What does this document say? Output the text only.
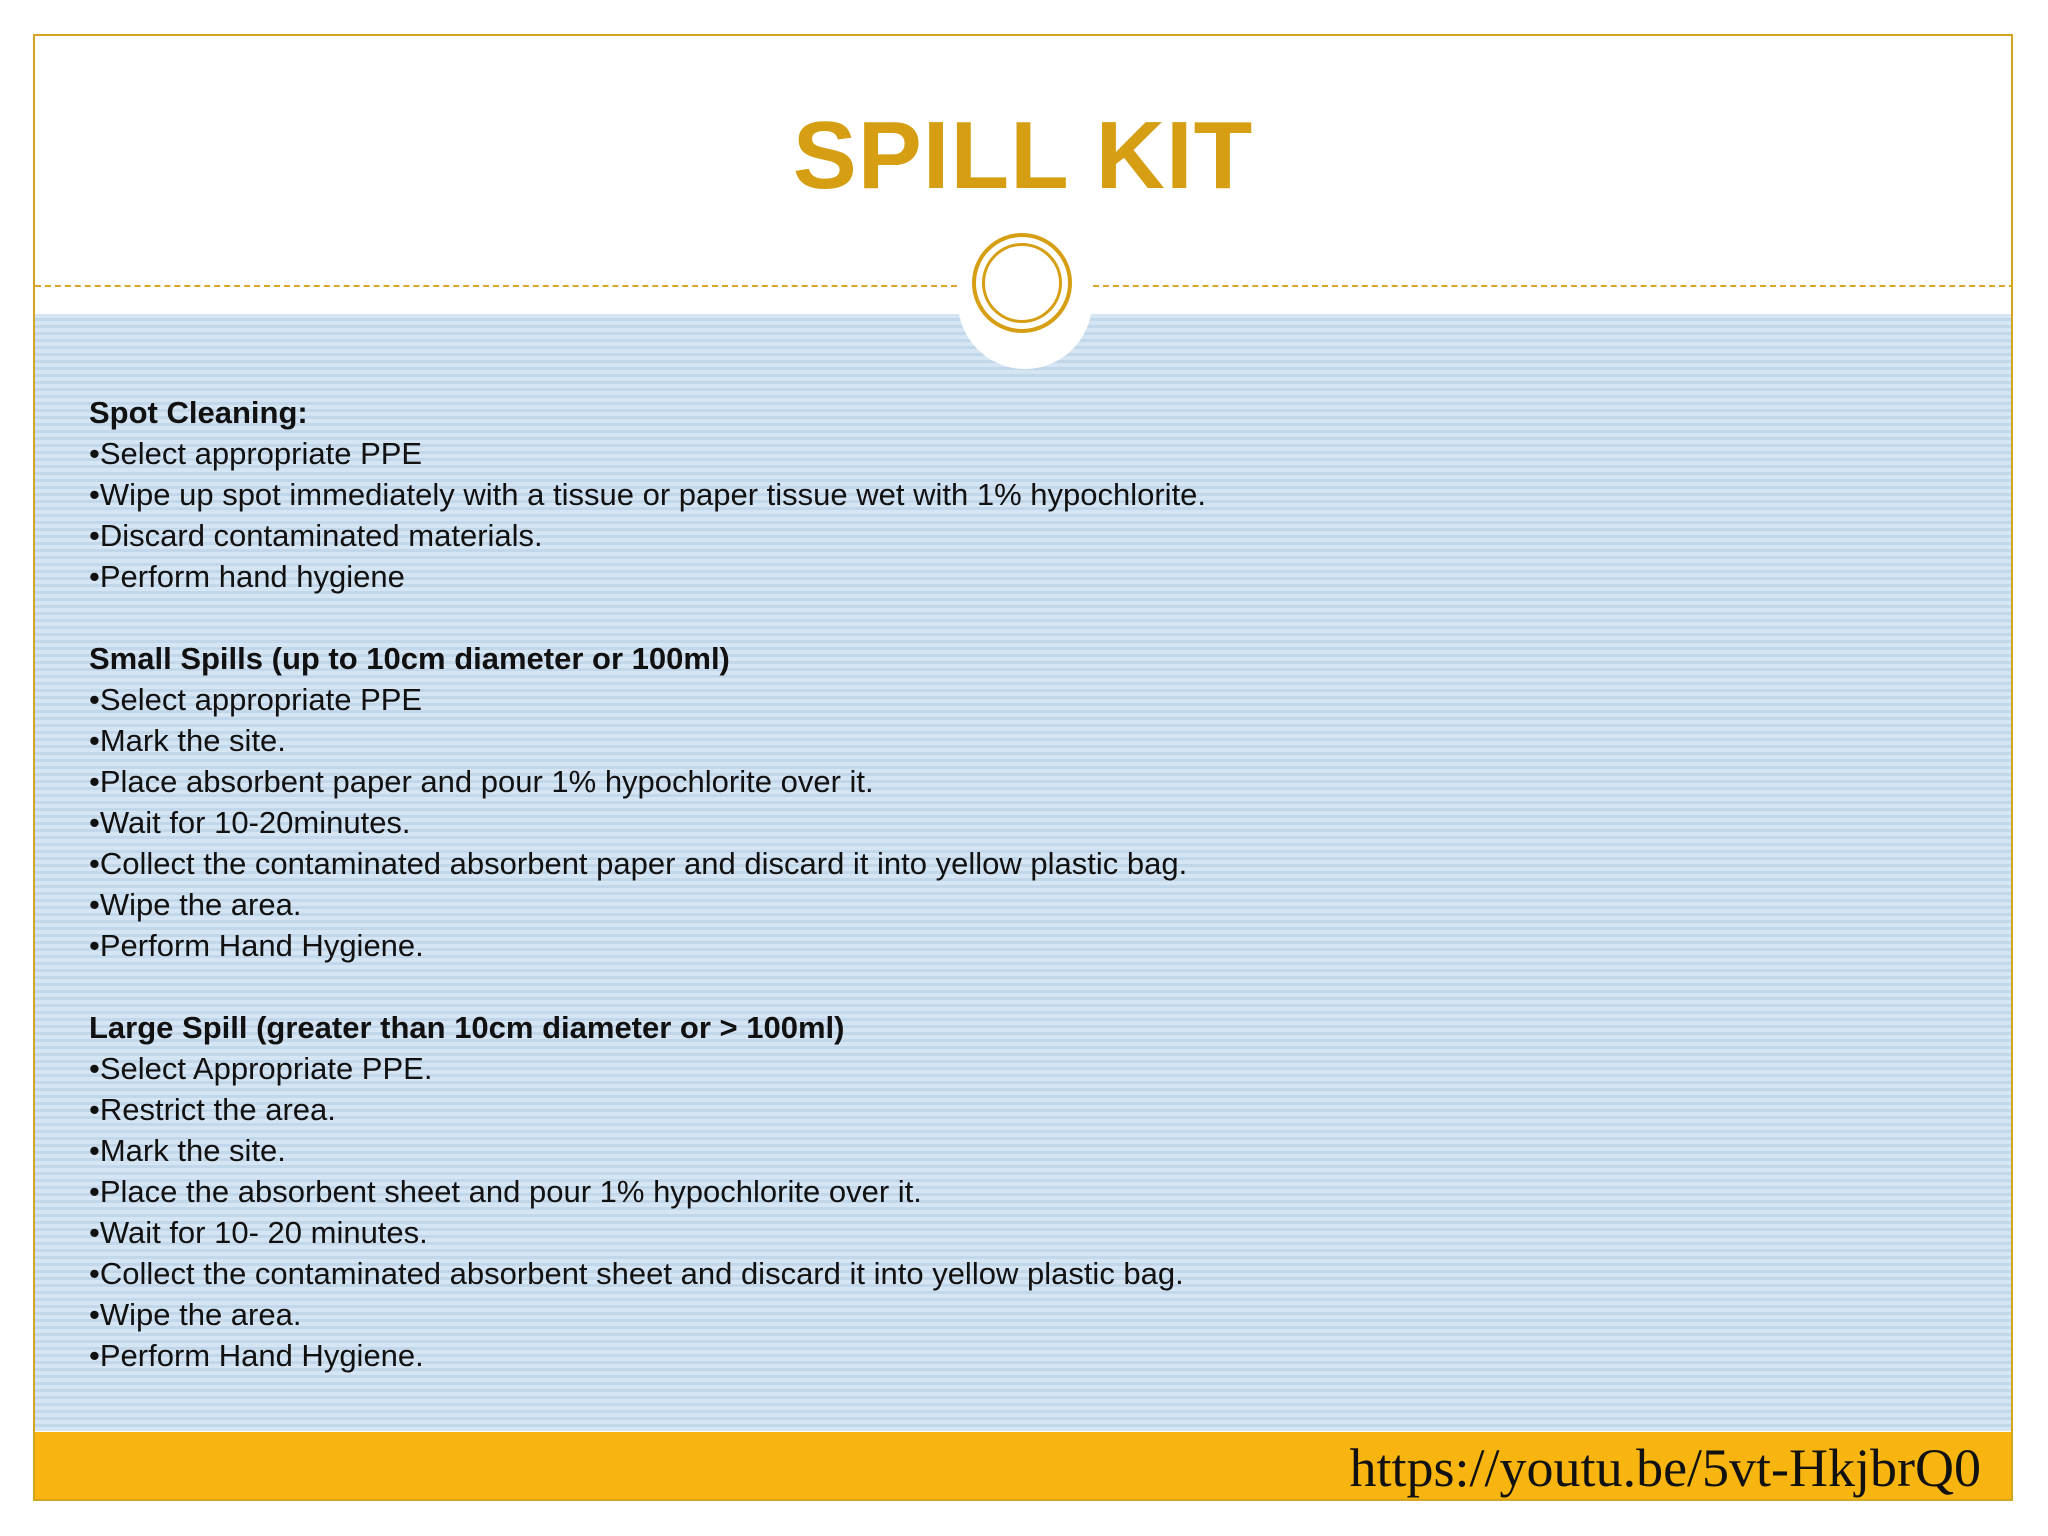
SPILL KIT
Spot Cleaning:
•Select appropriate PPE
•Wipe up spot immediately with a tissue or paper tissue wet with 1% hypochlorite.
•Discard contaminated materials.
•Perform hand hygiene
Small Spills (up to 10cm diameter or 100ml)
•Select appropriate PPE
•Mark the site.
•Place absorbent paper and pour 1% hypochlorite over it.
•Wait for 10-20minutes.
•Collect the contaminated absorbent paper and discard it into yellow plastic bag.
•Wipe the area.
•Perform Hand Hygiene.
Large Spill (greater than 10cm diameter or > 100ml)
•Select Appropriate PPE.
•Restrict the area.
•Mark the site.
•Place the absorbent sheet and pour 1% hypochlorite over it.
•Wait for 10- 20 minutes.
•Collect the contaminated absorbent sheet and discard it into yellow plastic bag.
•Wipe the area.
•Perform Hand Hygiene.
https://youtu.be/5vt-HkjbrQ0
